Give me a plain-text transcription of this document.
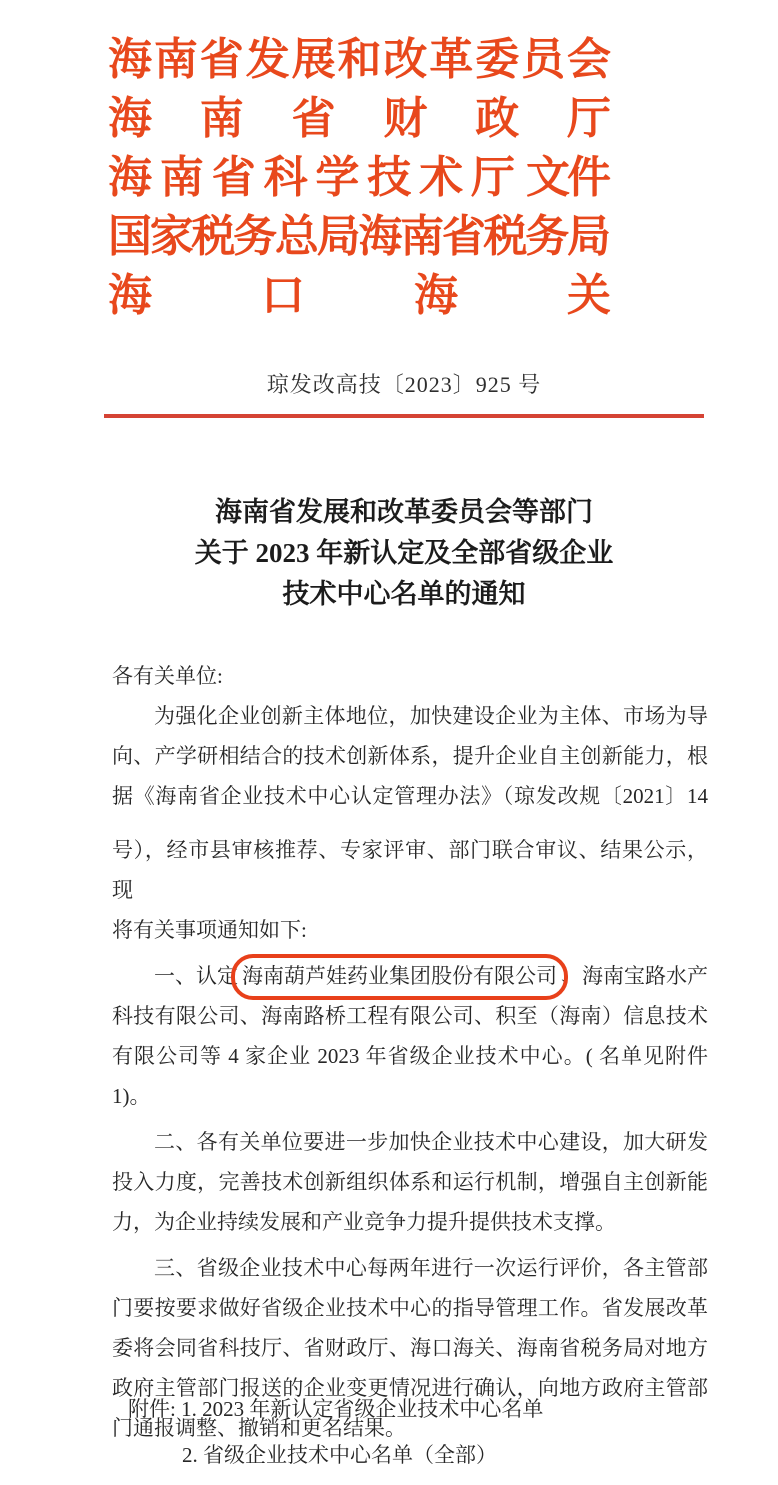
海南省发展和改革委员会
海南省财政厅
海南省科学技术厅 文件
国家税务总局海南省税务局
海口海关
琼发改高技〔2023〕925 号
海南省发展和改革委员会等部门
关于 2023 年新认定及全部省级企业
技术中心名单的通知
各有关单位:
为强化企业创新主体地位，加快建设企业为主体、市场为导
向、产学研相结合的技术创新体系，提升企业自主创新能力，根
据《海南省企业技术中心认定管理办法》（琼发改规〔2021〕14
号），经市县审核推荐、专家评审、部门联合审议、结果公示，现
将有关事项通知如下:
一、认定 海南葫芦娃药业集团股份有限公司 、海南宝路水产
科技有限公司、海南路桥工程有限公司、积至（海南）信息技术
有限公司等 4 家企业 2023 年省级企业技术中心。( 名单见附件 1)。
二、各有关单位要进一步加快企业技术中心建设，加大研发
投入力度，完善技术创新组织体系和运行机制，增强自主创新能
力，为企业持续发展和产业竞争力提升提供技术支撑。
三、省级企业技术中心每两年进行一次运行评价，各主管部
门要按要求做好省级企业技术中心的指导管理工作。省发展改革
委将会同省科技厅、省财政厅、海口海关、海南省税务局对地方
政府主管部门报送的企业变更情况进行确认，向地方政府主管部
门通报调整、撤销和更名结果。
附件: 1. 2023 年新认定省级企业技术中心名单
2. 省级企业技术中心名单（全部）
